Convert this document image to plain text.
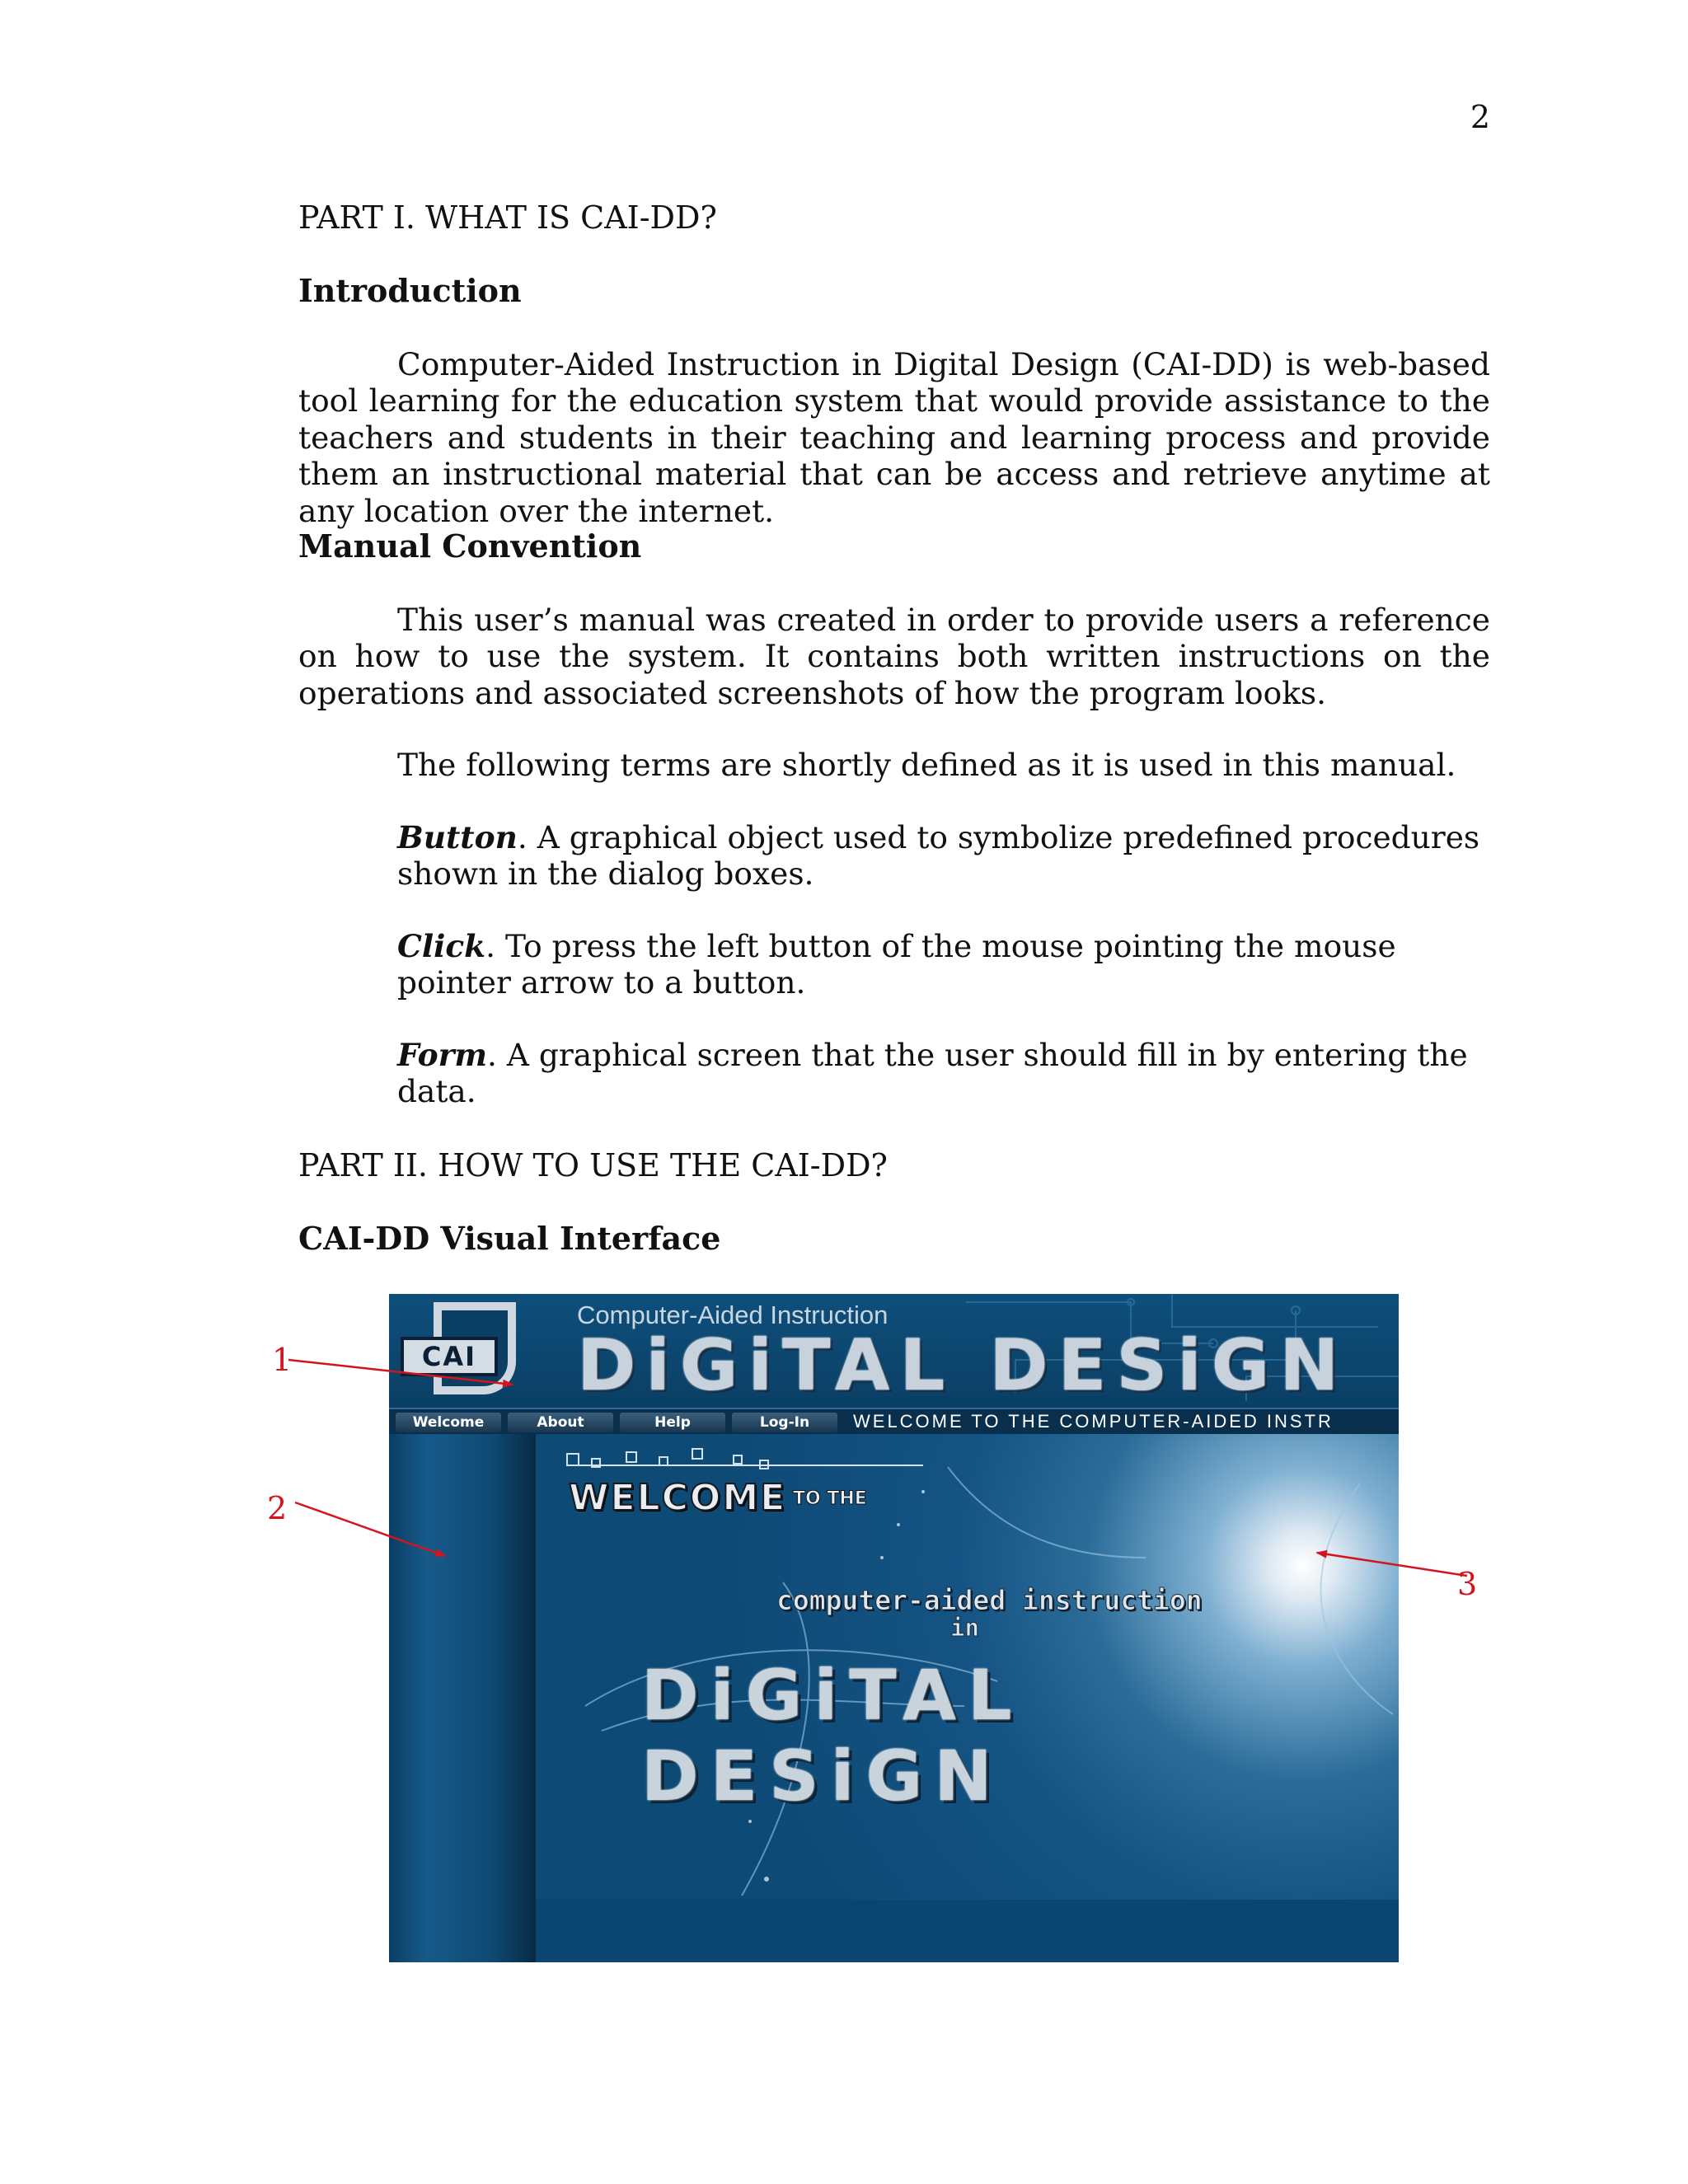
2

PART I. WHAT IS CAI-DD?

Introduction

Computer-Aided Instruction in Digital Design (CAI-DD) is web-based tool learning for the education system that would provide assistance to the teachers and students in their teaching and learning process and provide them an instructional material that can be access and retrieve anytime at any location over the internet.

Manual Convention

This user’s manual was created in order to provide users a reference on how to use the system. It contains both written instructions on the operations and associated screenshots of how the program looks.

The following terms are shortly defined as it is used in this manual.

Button. A graphical object used to symbolize predefined procedures shown in the dialog boxes.
Click. To press the left button of the mouse pointing the mouse pointer arrow to a button.
Form. A graphical screen that the user should fill in by entering the data.

PART II. HOW TO USE THE CAI-DD?

CAI-DD Visual Interface

CAI
Computer-Aided Instruction
DiGiTAL DESiGN
Welcome	About	Help	Log-In	WELCOME TO THE COMPUTER-AIDED INSTR
WELCOME TO THE
computer-aided instruction
in
DiGiTAL DESiGN
1
2
3
